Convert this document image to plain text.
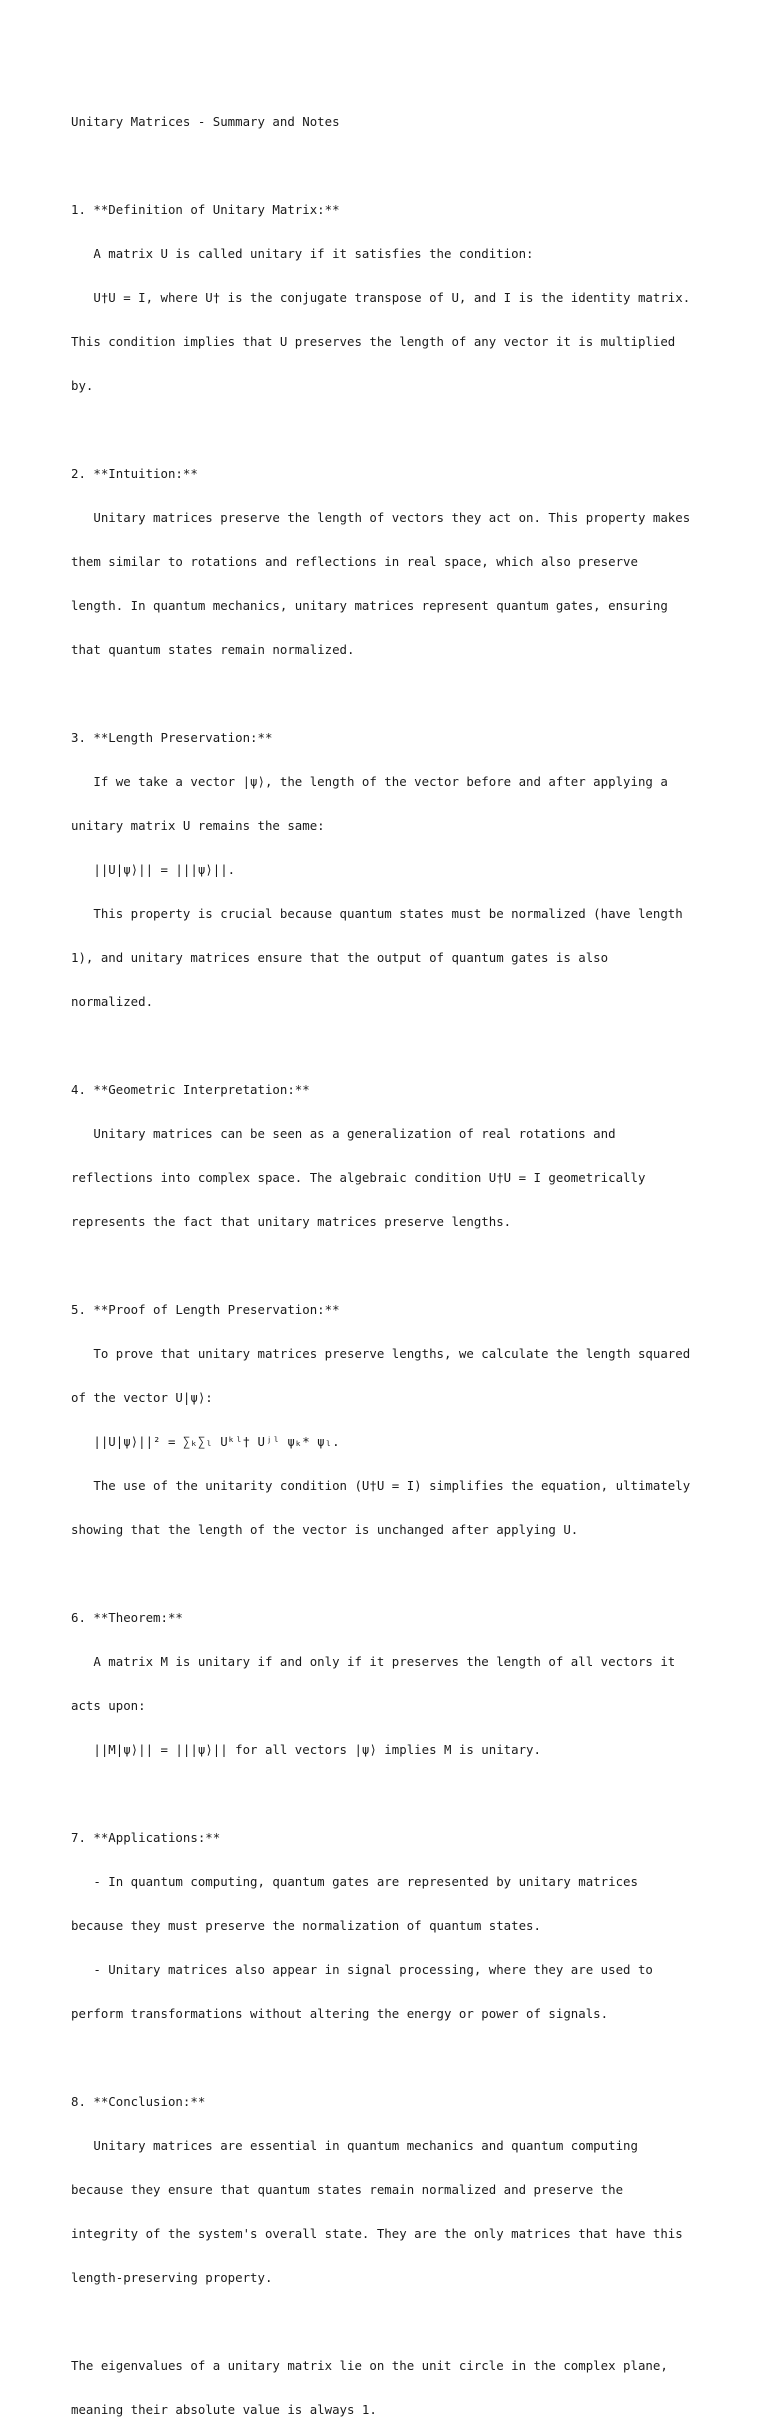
Unitary Matrices - Summary and Notes

1. **Definition of Unitary Matrix:**

A matrix U is called unitary if it satisfies the condition:

U†U = I, where U† is the conjugate transpose of U, and I is the identity matrix.

This condition implies that U preserves the length of any vector it is multiplied

by.

2. **Intuition:**

Unitary matrices preserve the length of vectors they act on. This property makes

them similar to rotations and reflections in real space, which also preserve

length. In quantum mechanics, unitary matrices represent quantum gates, ensuring

that quantum states remain normalized.

3. **Length Preservation:**

If we take a vector |ψ⟩, the length of the vector before and after applying a

unitary matrix U remains the same:

||U|ψ⟩|| = |||ψ⟩||.

This property is crucial because quantum states must be normalized (have length

1), and unitary matrices ensure that the output of quantum gates is also

normalized.

4. **Geometric Interpretation:**

Unitary matrices can be seen as a generalization of real rotations and

reflections into complex space. The algebraic condition U†U = I geometrically

represents the fact that unitary matrices preserve lengths.

5. **Proof of Length Preservation:**

To prove that unitary matrices preserve lengths, we calculate the length squared

of the vector U|ψ⟩:

||U|ψ⟩||² = ∑ₖ∑ₗ Uᵏˡ† Uʲˡ ψₖ* ψₗ.

The use of the unitarity condition (U†U = I) simplifies the equation, ultimately

showing that the length of the vector is unchanged after applying U.

6. **Theorem:**

A matrix M is unitary if and only if it preserves the length of all vectors it

acts upon:

||M|ψ⟩|| = |||ψ⟩|| for all vectors |ψ⟩ implies M is unitary.

7. **Applications:**

- In quantum computing, quantum gates are represented by unitary matrices

because they must preserve the normalization of quantum states.

- Unitary matrices also appear in signal processing, where they are used to

perform transformations without altering the energy or power of signals.

8. **Conclusion:**

Unitary matrices are essential in quantum mechanics and quantum computing

because they ensure that quantum states remain normalized and preserve the

integrity of the system's overall state. They are the only matrices that have this

length-preserving property.

The eigenvalues of a unitary matrix lie on the unit circle in the complex plane,

meaning their absolute value is always 1.
